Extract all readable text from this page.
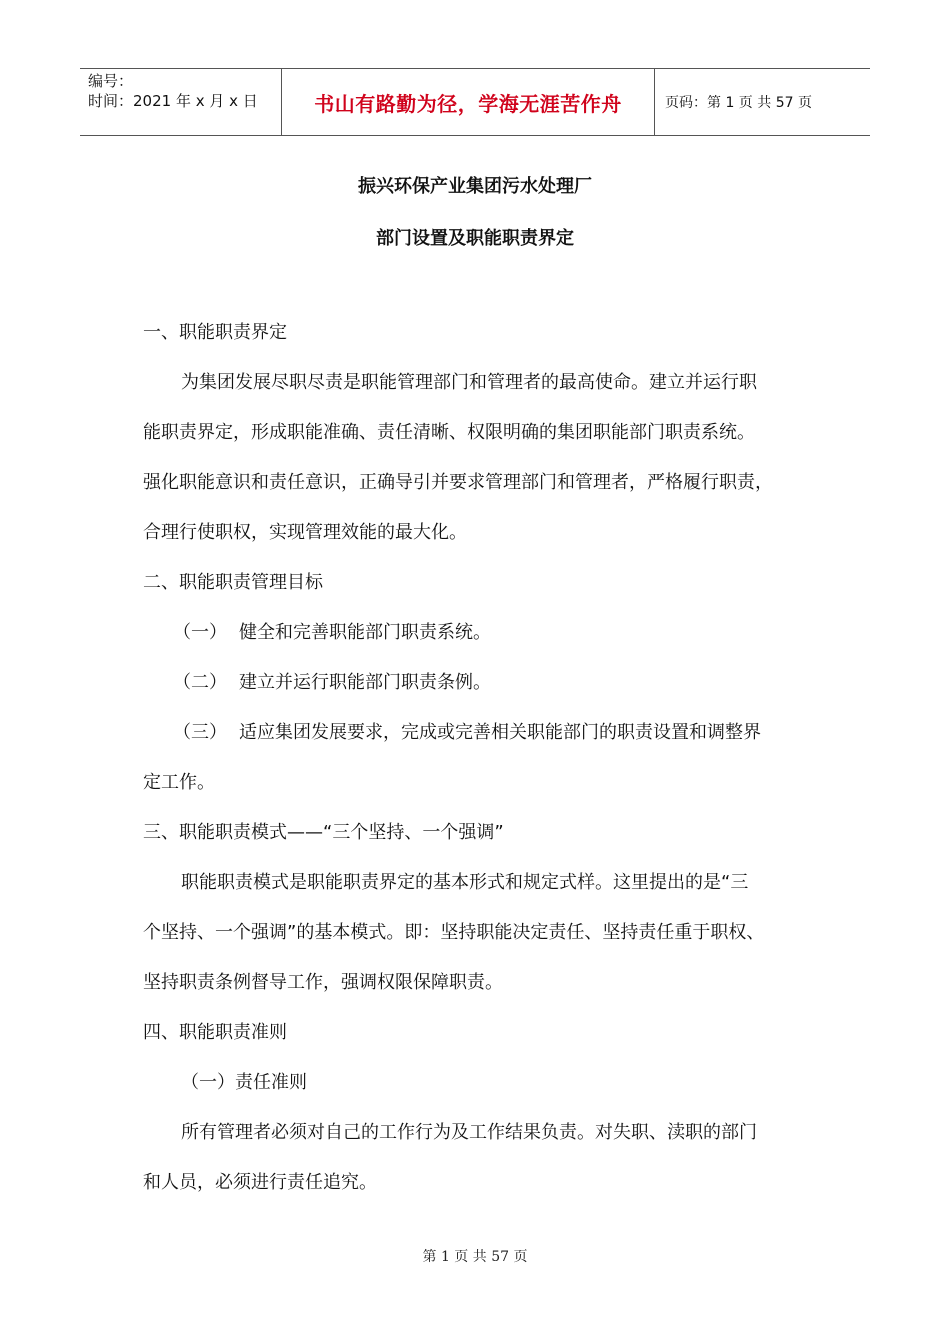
编号：
时间：2021 年 x 月 x 日	书山有路勤为径，学海无涯苦作舟	页码：第 1 页 共 57 页
振兴环保产业集团污水处理厂
部门设置及职能职责界定
一、职能职责界定
为集团发展尽职尽责是职能管理部门和管理者的最高使命。建立并运行职
能职责界定，形成职能准确、责任清晰、权限明确的集团职能部门职责系统。
强化职能意识和责任意识，正确导引并要求管理部门和管理者，严格履行职责，
合理行使职权，实现管理效能的最大化。
二、职能职责管理目标
（一） 健全和完善职能部门职责系统。
（二） 建立并运行职能部门职责条例。
（三） 适应集团发展要求，完成或完善相关职能部门的职责设置和调整界
定工作。
三、职能职责模式——“三个坚持、一个强调”
职能职责模式是职能职责界定的基本形式和规定式样。这里提出的是“三
个坚持、一个强调”的基本模式。即：坚持职能决定责任、坚持责任重于职权、
坚持职责条例督导工作，强调权限保障职责。
四、职能职责准则
（一）责任准则
所有管理者必须对自己的工作行为及工作结果负责。对失职、渎职的部门
和人员，必须进行责任追究。
第 1 页 共 57 页
